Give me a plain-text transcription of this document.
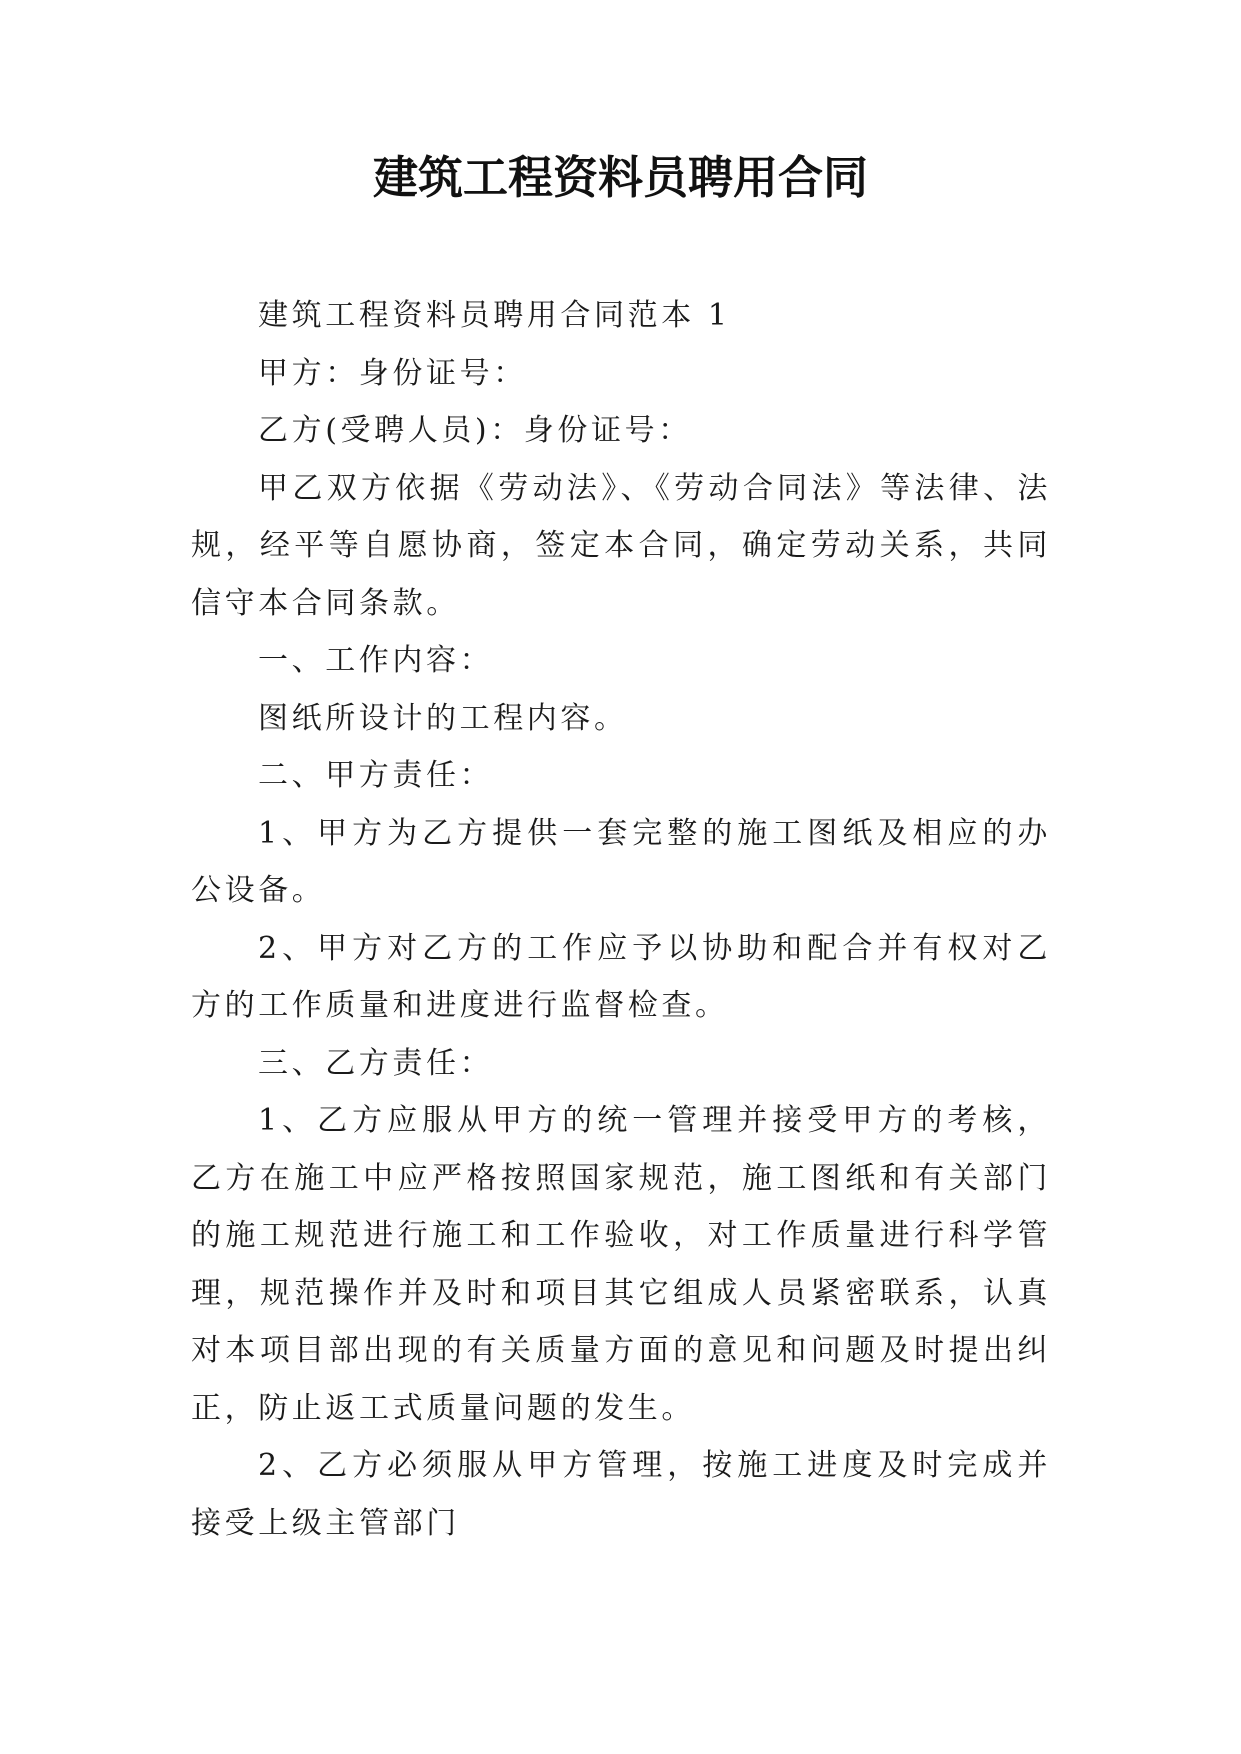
建筑工程资料员聘用合同

建筑工程资料员聘用合同范本 1

甲方：身份证号：

乙方(受聘人员)：身份证号：

甲乙双方依据《劳动法》、《劳动合同法》等法律、法规，经平等自愿协商，签定本合同，确定劳动关系，共同信守本合同条款。

一、工作内容：

图纸所设计的工程内容。

二、甲方责任：

1、甲方为乙方提供一套完整的施工图纸及相应的办公设备。

2、甲方对乙方的工作应予以协助和配合并有权对乙方的工作质量和进度进行监督检查。

三、乙方责任：

1、乙方应服从甲方的统一管理并接受甲方的考核，乙方在施工中应严格按照国家规范，施工图纸和有关部门的施工规范进行施工和工作验收，对工作质量进行科学管理，规范操作并及时和项目其它组成人员紧密联系，认真对本项目部出现的有关质量方面的意见和问题及时提出纠正，防止返工式质量问题的发生。

2、乙方必须服从甲方管理，按施工进度及时完成并接受上级主管部门
